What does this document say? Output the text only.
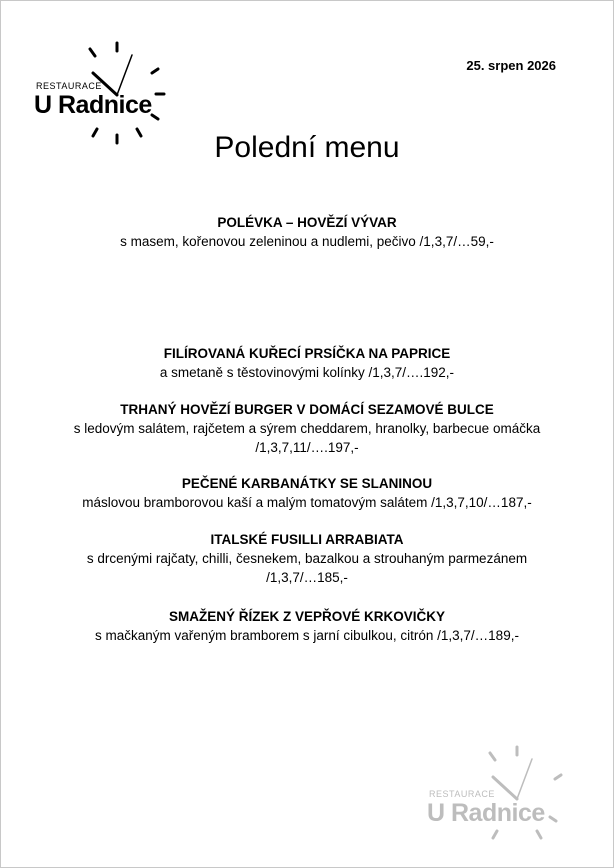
RESTAURACE
U Radnice
25. srpen 2026
Polední menu
POLÉVKA – HOVĚZÍ VÝVAR
s masem, kořenovou zeleninou a nudlemi, pečivo /1,3,7/…59,-
FILÍROVANÁ KUŘECÍ PRSÍČKA NA PAPRICE
a smetaně s těstovinovými kolínky /1,3,7/….192,-
TRHANÝ HOVĚZÍ BURGER V DOMÁCÍ SEZAMOVÉ BULCE
s ledovým salátem, rajčetem a sýrem cheddarem, hranolky, barbecue omáčka /1,3,7,11/….197,-
PEČENÉ KARBANÁTKY SE SLANINOU
máslovou bramborovou kaší a malým tomatovým salátem /1,3,7,10/…187,-
ITALSKÉ FUSILLI ARRABIATA
s drcenými rajčaty, chilli, česnekem, bazalkou a strouhaným parmezánem /1,3,7/…185,-
SMAŽENÝ ŘÍZEK Z VEPŘOVÉ KRKOVIČKY
s mačkaným vařeným bramborem s jarní cibulkou, citrón /1,3,7/…189,-
RESTAURACE
U Radnice
